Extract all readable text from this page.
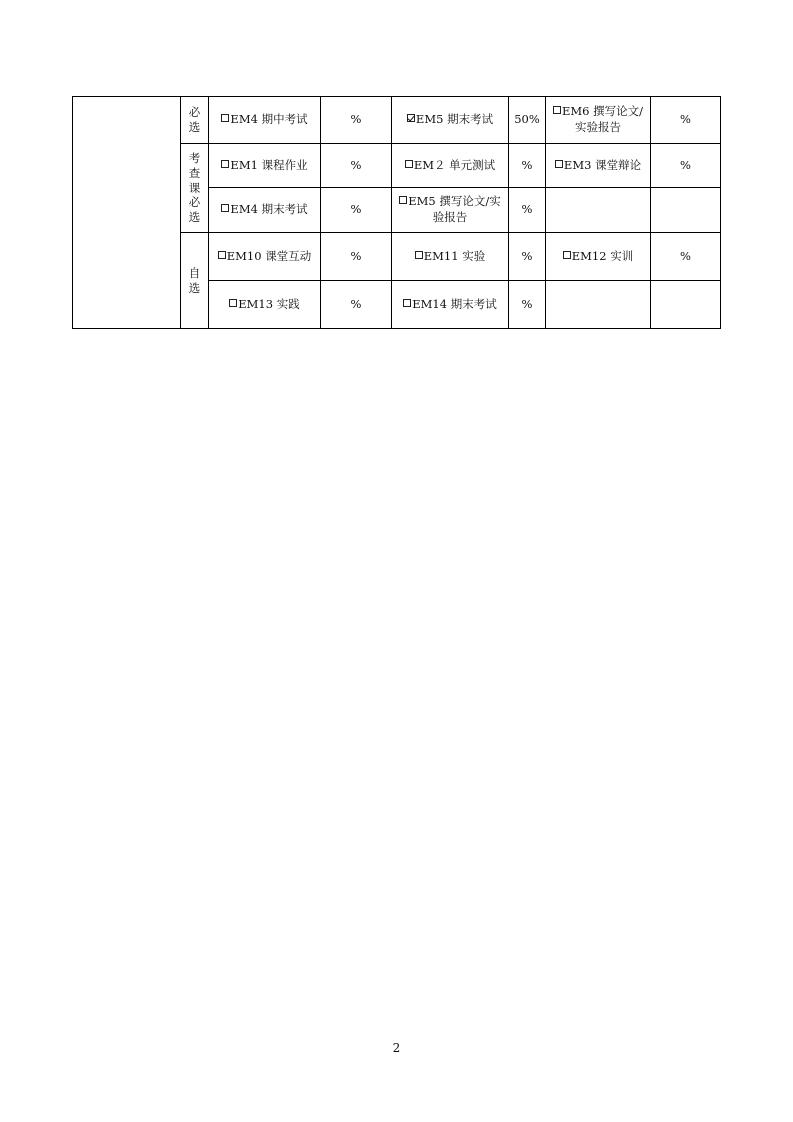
	必选	EM4 期中考试	%	EM5 期末考试	50%	EM6 撰写论文/实验报告	%
	考查课必选	EM1 课程作业	%	EM２ 单元测试	%	EM3 课堂辩论	%
		EM4 期末考试	%	EM5 撰写论文/实验报告	%		
	自选	EM10 课堂互动	%	EM11 实验	%	EM12 实训	%
		EM13 实践	%	EM14 期末考试	%		
2
